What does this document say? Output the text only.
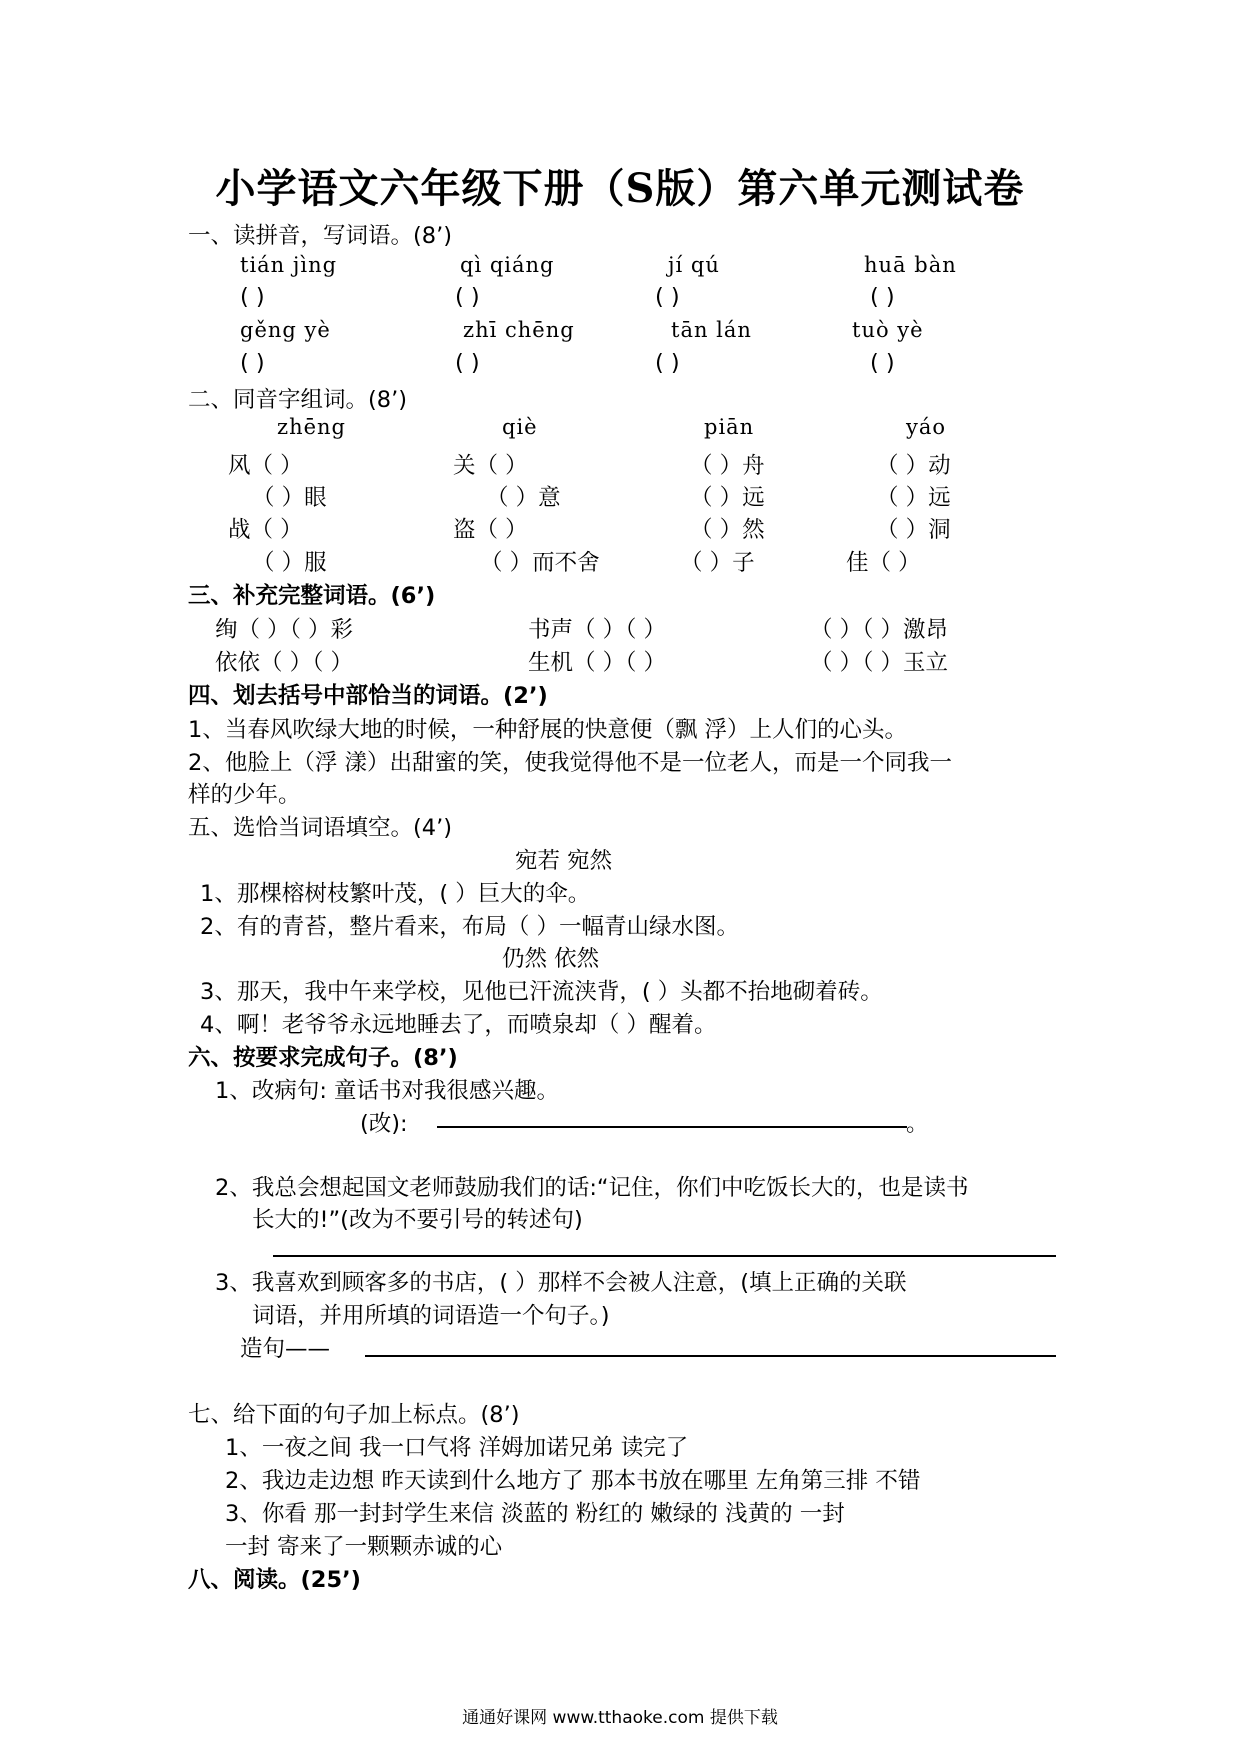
小学语文六年级下册（S版）第六单元测试卷
一、读拼音，写词语。(8’)
tián jìng	qì qiáng	jí qú	huā bàn
( )	( )	( )	( )
gěng yè	zhī chēng	tān lán	tuò yè
( )	( )	( )	( )
二、同音字组词。(8’)
zhēng	qiè	piān	yáo
风（ ）	关（ ）	（ ）舟	（ ）动
（ ）眼	（ ）意	（ ）远	（ ）远
战（ ）	盗（ ）	（ ）然	（ ）洞
（ ）服	（ ）而不舍	（ ）子	佳（ ）
三、补充完整词语。(6’)
绚（ ）（ ）彩	书声（ ）（ ）	（ ）（ ）激昂
依依（ ）（ ）	生机（ ）（ ）	（ ）（ ）玉立
四、划去括号中部恰当的词语。(2’)
1、当春风吹绿大地的时候，一种舒展的快意便（飘 浮）上人们的心头。
2、他脸上（浮 漾）出甜蜜的笑，使我觉得他不是一位老人，而是一个同我一
样的少年。
五、选恰当词语填空。(4’)
宛若 宛然
1、那棵榕树枝繁叶茂，( ）巨大的伞。
2、有的青苔，整片看来，布局（ ）一幅青山绿水图。
仍然 依然
3、那天，我中午来学校，见他已汗流浃背，( ）头都不抬地砌着砖。
4、啊！老爷爷永远地睡去了，而喷泉却（ ）醒着。
六、按要求完成句子。(8’)
1、改病句: 童话书对我很感兴趣。
(改):	。
2、我总会想起国文老师鼓励我们的话:“记住，你们中吃饭长大的，也是读书
长大的!”(改为不要引号的转述句)
3、我喜欢到顾客多的书店，( ）那样不会被人注意，(填上正确的关联
词语，并用所填的词语造一个句子。)
造句——
七、给下面的句子加上标点。(8’)
1、一夜之间 我一口气将 洋姆加诺兄弟 读完了
2、我边走边想 昨天读到什么地方了 那本书放在哪里 左角第三排 不错
3、你看 那一封封学生来信 淡蓝的 粉红的 嫩绿的 浅黄的 一封
一封 寄来了一颗颗赤诚的心
八、阅读。(25’)
通通好课网 www.tthaoke.com 提供下载
